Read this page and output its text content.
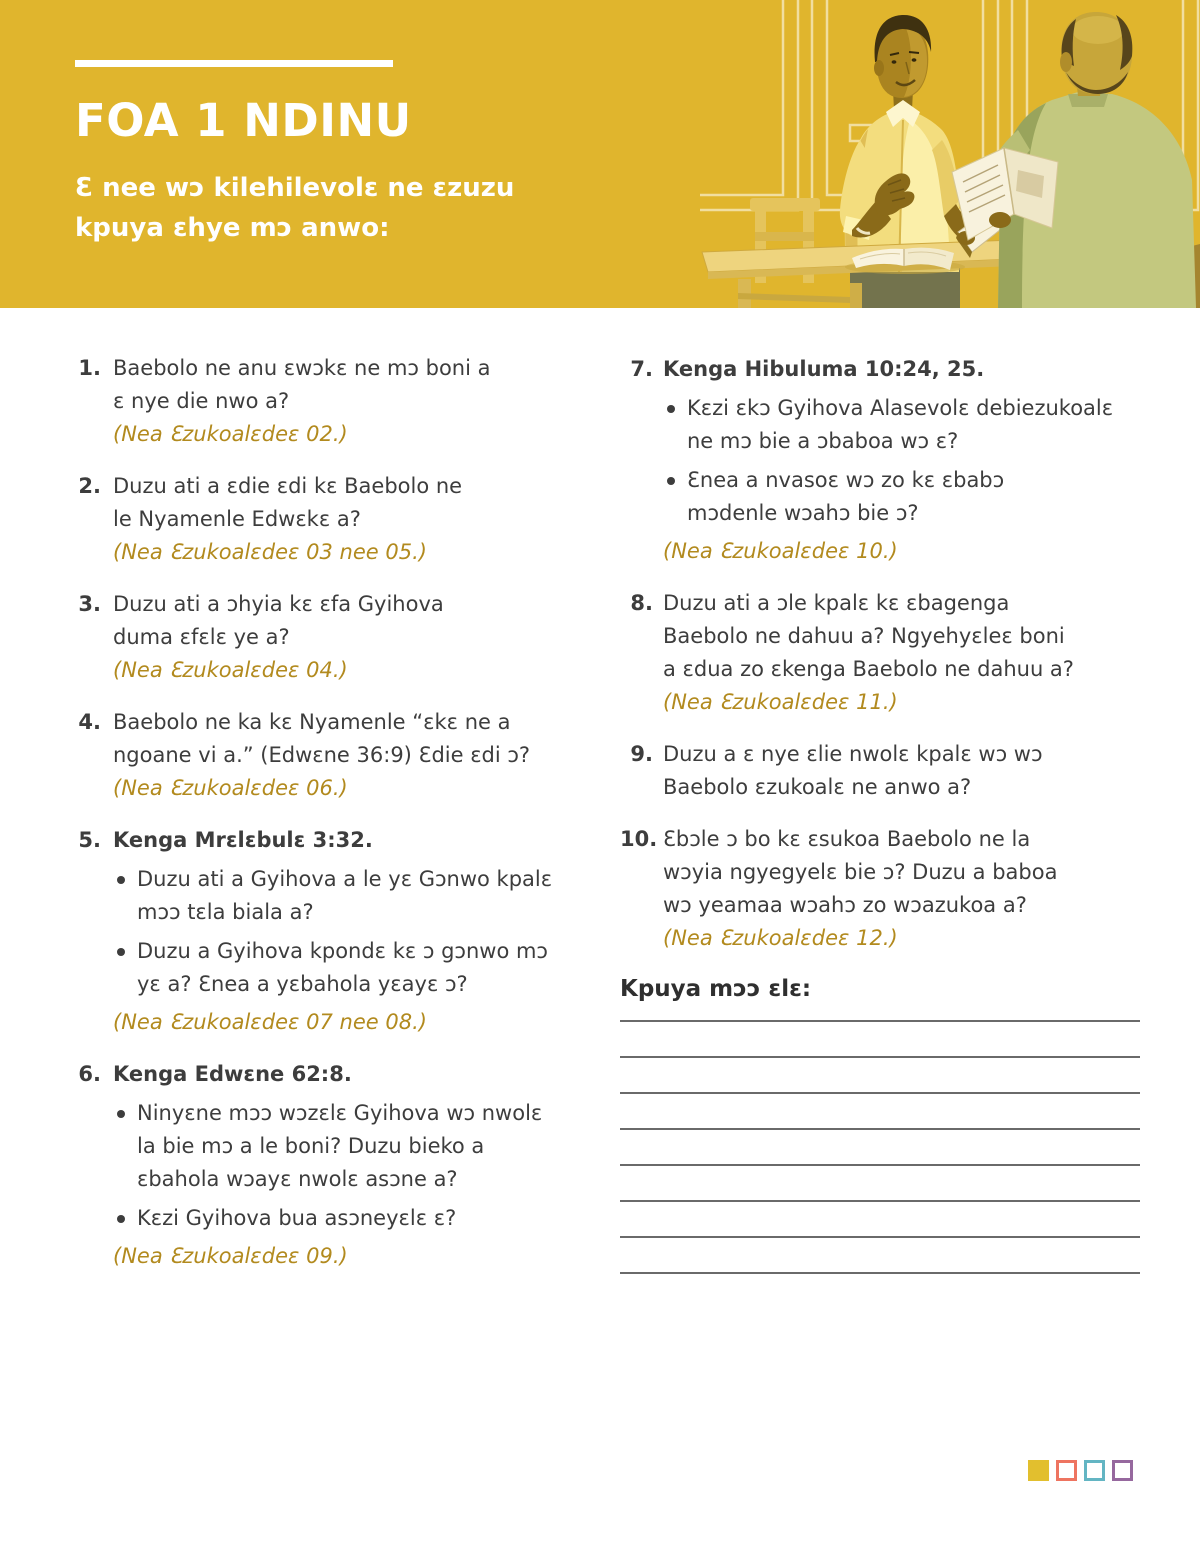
FOA 1 NDINU
Ɛ nee wɔ kilehilevolɛ ne ɛzuzu
kpuya ɛhye mɔ anwo:
1. Baebolo ne anu ɛwɔkɛ ne mɔ boni a
ɛ nye die nwo a?
(Nea Ɛzukoalɛdeɛ 02.)
2. Duzu ati a ɛdie ɛdi kɛ Baebolo ne
le Nyamenle Edwɛkɛ a?
(Nea Ɛzukoalɛdeɛ 03 nee 05.)
3. Duzu ati a ɔhyia kɛ ɛfa Gyihova
duma ɛfɛlɛ ye a?
(Nea Ɛzukoalɛdeɛ 04.)
4. Baebolo ne ka kɛ Nyamenle “ɛkɛ ne a
ngoane vi a.” (Edwɛne 36:9) Ɛdie ɛdi ɔ?
(Nea Ɛzukoalɛdeɛ 06.)
5. Kenga Mrɛlɛbulɛ 3:32.
Duzu ati a Gyihova a le yɛ Gɔnwo kpalɛ
mɔɔ tɛla biala a?
Duzu a Gyihova kpondɛ kɛ ɔ gɔnwo mɔ
yɛ a? Ɛnea a yɛbahola yɛayɛ ɔ?
(Nea Ɛzukoalɛdeɛ 07 nee 08.)
6. Kenga Edwɛne 62:8.
Ninyɛne mɔɔ wɔzɛlɛ Gyihova wɔ nwolɛ
la bie mɔ a le boni? Duzu bieko a
ɛbahola wɔayɛ nwolɛ asɔne a?
Kɛzi Gyihova bua asɔneyɛlɛ ɛ?
(Nea Ɛzukoalɛdeɛ 09.)
7. Kenga Hibuluma 10:24, 25.
Kɛzi ɛkɔ Gyihova Alasevolɛ debiezukoalɛ
ne mɔ bie a ɔbaboa wɔ ɛ?
Ɛnea a nvasoɛ wɔ zo kɛ ɛbabɔ
mɔdenle wɔahɔ bie ɔ?
(Nea Ɛzukoalɛdeɛ 10.)
8. Duzu ati a ɔle kpalɛ kɛ ɛbagenga
Baebolo ne dahuu a? Ngyehyɛleɛ boni
a ɛdua zo ɛkenga Baebolo ne dahuu a?
(Nea Ɛzukoalɛdeɛ 11.)
9. Duzu a ɛ nye ɛlie nwolɛ kpalɛ wɔ wɔ
Baebolo ɛzukoalɛ ne anwo a?
10. Ɛbɔle ɔ bo kɛ ɛsukoa Baebolo ne la
wɔyia ngyegyelɛ bie ɔ? Duzu a baboa
wɔ yeamaa wɔahɔ zo wɔazukoa a?
(Nea Ɛzukoalɛdeɛ 12.)
Kpuya mɔɔ ɛlɛ:
